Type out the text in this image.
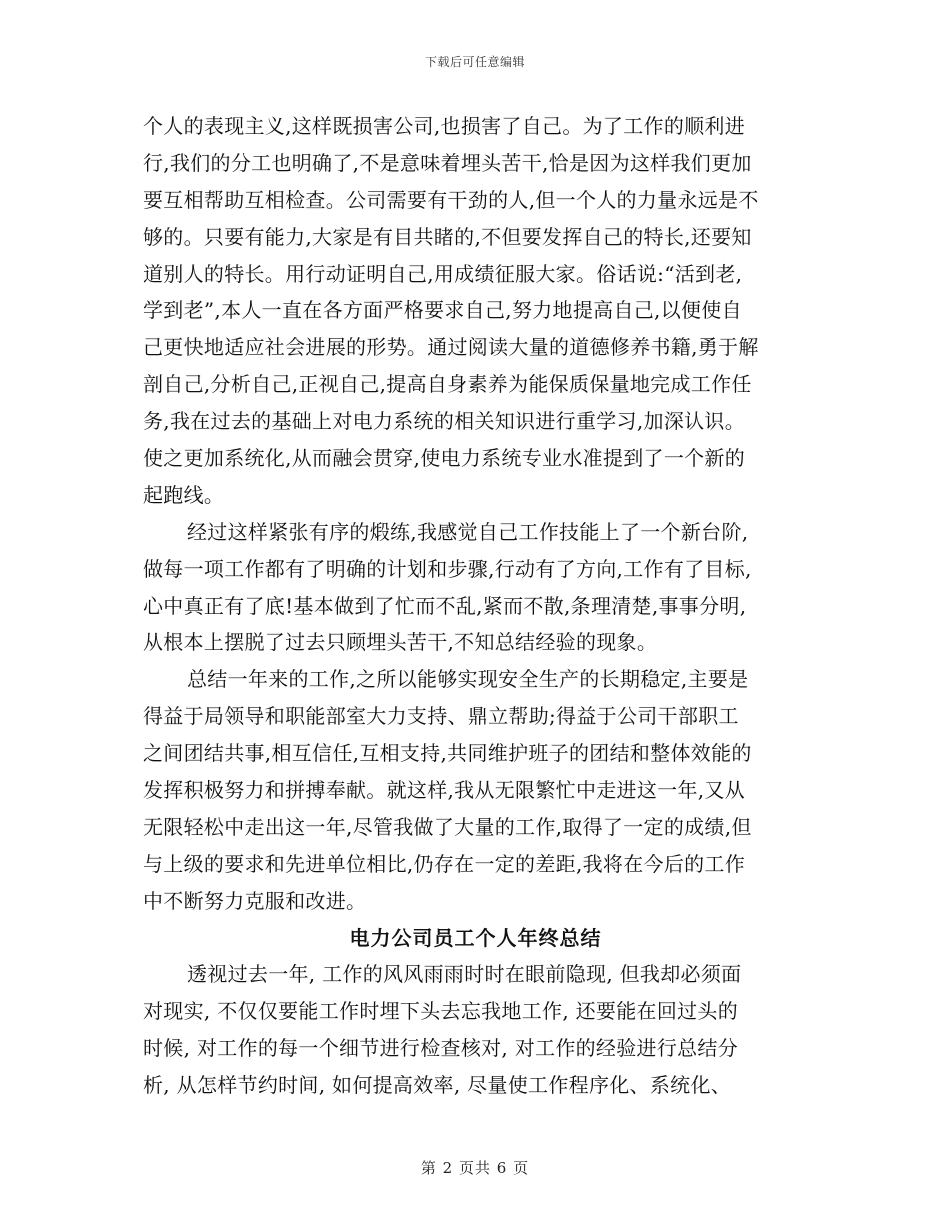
下载后可任意编辑
个人的表现主义,这样既损害公司,也损害了自己。为了工作的顺利进
行,我们的分工也明确了,不是意味着埋头苦干,恰是因为这样我们更加
要互相帮助互相检查。公司需要有干劲的人,但一个人的力量永远是不
够的。只要有能力,大家是有目共睹的,不但要发挥自己的特长,还要知
道别人的特长。用行动证明自己,用成绩征服大家。俗话说:“活到老,
学到老”,本人一直在各方面严格要求自己,努力地提高自己,以便使自
己更快地适应社会进展的形势。通过阅读大量的道德修养书籍,勇于解
剖自己,分析自己,正视自己,提高自身素养为能保质保量地完成工作任
务,我在过去的基础上对电力系统的相关知识进行重学习,加深认识。
使之更加系统化,从而融会贯穿,使电力系统专业水准提到了一个新的
起跑线。
经过这样紧张有序的煅练,我感觉自己工作技能上了一个新台阶,
做每一项工作都有了明确的计划和步骤,行动有了方向,工作有了目标,
心中真正有了底!基本做到了忙而不乱,紧而不散,条理清楚,事事分明,
从根本上摆脱了过去只顾埋头苦干,不知总结经验的现象。
总结一年来的工作,之所以能够实现安全生产的长期稳定,主要是
得益于局领导和职能部室大力支持、鼎立帮助;得益于公司干部职工
之间团结共事,相互信任,互相支持,共同维护班子的团结和整体效能的
发挥积极努力和拼搏奉献。就这样,我从无限繁忙中走进这一年,又从
无限轻松中走出这一年,尽管我做了大量的工作,取得了一定的成绩,但
与上级的要求和先进单位相比,仍存在一定的差距,我将在今后的工作
中不断努力克服和改进。
电力公司员工个人年终总结
透视过去一年, 工作的风风雨雨时时在眼前隐现, 但我却必须面
对现实, 不仅仅要能工作时埋下头去忘我地工作, 还要能在回过头的
时候, 对工作的每一个细节进行检查核对, 对工作的经验进行总结分
析, 从怎样节约时间, 如何提高效率, 尽量使工作程序化、系统化、
第 2 页共 6 页
